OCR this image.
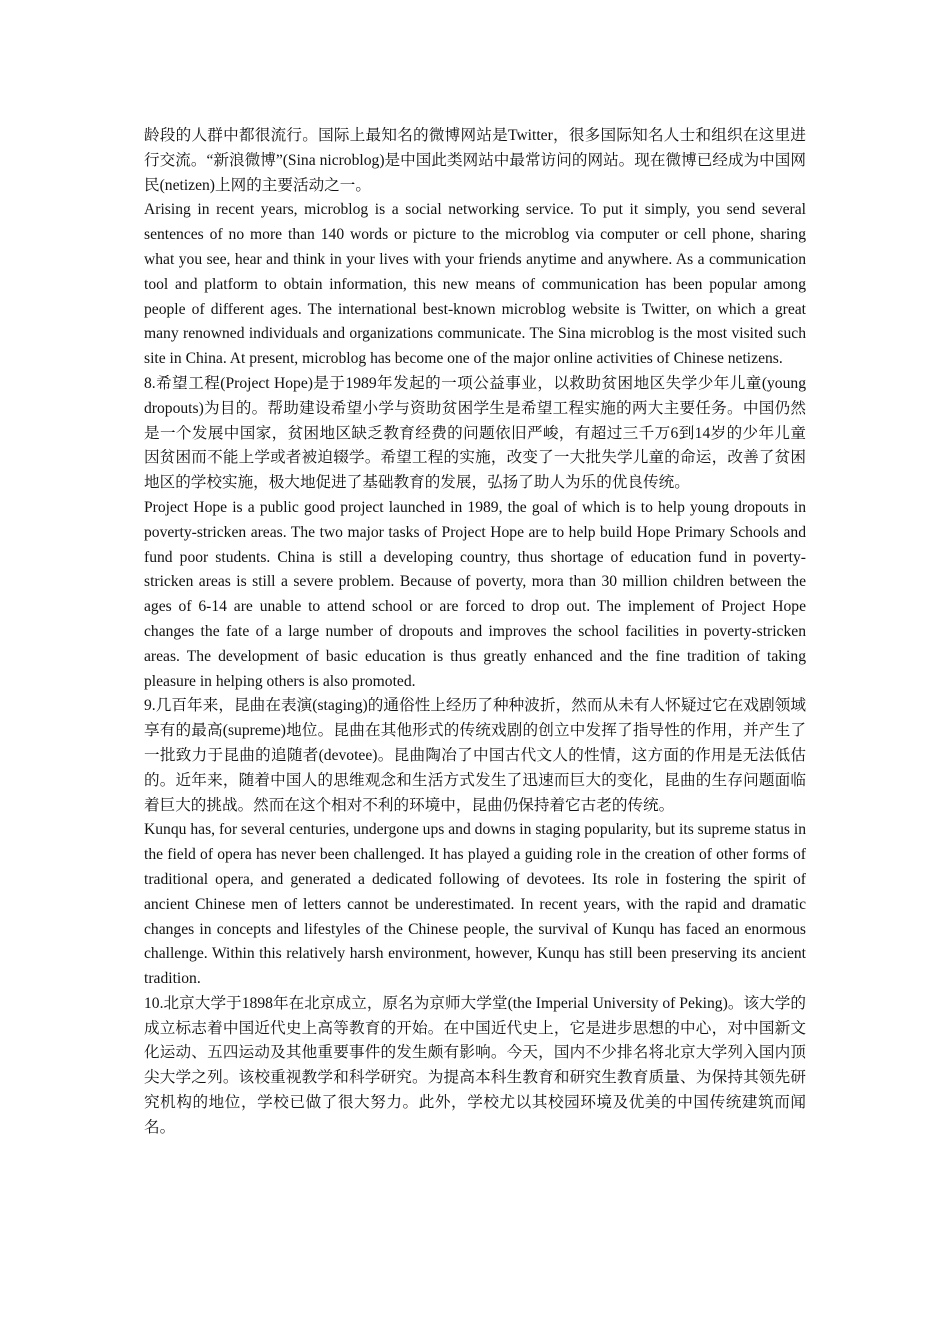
龄段的人群中都很流行。国际上最知名的微博网站是Twitter，很多国际知名人士和组织在这里进行交流。“新浪微博”(Sina nicroblog)是中国此类网站中最常访问的网站。现在微博已经成为中国网民(netizen)上网的主要活动之一。

Arising in recent years, microblog is a social networking service. To put it simply, you send several sentences of no more than 140 words or picture to the microblog via computer or cell phone, sharing what you see, hear and think in your lives with your friends anytime and anywhere. As a communication tool and platform to obtain information, this new means of communication has been popular among people of different ages. The international best-known microblog website is Twitter, on which a great many renowned individuals and organizations communicate. The Sina microblog is the most visited such site in China. At present, microblog has become one of the major online activities of Chinese netizens.

8.希望工程(Project Hope)是于1989年发起的一项公益事业，以救助贫困地区失学少年儿童(young dropouts)为目的。帮助建设希望小学与资助贫困学生是希望工程实施的两大主要任务。中国仍然是一个发展中国家，贫困地区缺乏教育经费的问题依旧严峻，有超过三千万6到14岁的少年儿童因贫困而不能上学或者被迫辍学。希望工程的实施，改变了一大批失学儿童的命运，改善了贫困地区的学校实施，极大地促进了基础教育的发展，弘扬了助人为乐的优良传统。

Project Hope is a public good project launched in 1989, the goal of which is to help young dropouts in poverty-stricken areas. The two major tasks of Project Hope are to help build Hope Primary Schools and fund poor students. China is still a developing country, thus shortage of education fund in poverty-stricken areas is still a severe problem. Because of poverty, mora than 30 million children between the ages of 6-14 are unable to attend school or are forced to drop out. The implement of Project Hope changes the fate of a large number of dropouts and improves the school facilities in poverty-stricken areas. The development of basic education is thus greatly enhanced and the fine tradition of taking pleasure in helping others is also promoted.

9.几百年来，昆曲在表演(staging)的通俗性上经历了种种波折，然而从未有人怀疑过它在戏剧领域享有的最高(supreme)地位。昆曲在其他形式的传统戏剧的创立中发挥了指导性的作用，并产生了一批致力于昆曲的追随者(devotee)。昆曲陶冶了中国古代文人的性情，这方面的作用是无法低估的。近年来，随着中国人的思维观念和生活方式发生了迅速而巨大的变化，昆曲的生存问题面临着巨大的挑战。然而在这个相对不利的环境中，昆曲仍保持着它古老的传统。

Kunqu has, for several centuries, undergone ups and downs in staging popularity, but its supreme status in the field of opera has never been challenged. It has played a guiding role in the creation of other forms of traditional opera, and generated a dedicated following of devotees. Its role in fostering the spirit of ancient Chinese men of letters cannot be underestimated. In recent years, with the rapid and dramatic changes in concepts and lifestyles of the Chinese people, the survival of Kunqu has faced an enormous challenge. Within this relatively harsh environment, however, Kunqu has still been preserving its ancient tradition.

10.北京大学于1898年在北京成立，原名为京师大学堂(the Imperial University of Peking)。该大学的成立标志着中国近代史上高等教育的开始。在中国近代史上，它是进步思想的中心，对中国新文化运动、五四运动及其他重要事件的发生颇有影响。今天，国内不少排名将北京大学列入国内顶尖大学之列。该校重视教学和科学研究。为提高本科生教育和研究生教育质量、为保持其领先研究机构的地位，学校已做了很大努力。此外，学校尤以其校园环境及优美的中国传统建筑而闻名。
